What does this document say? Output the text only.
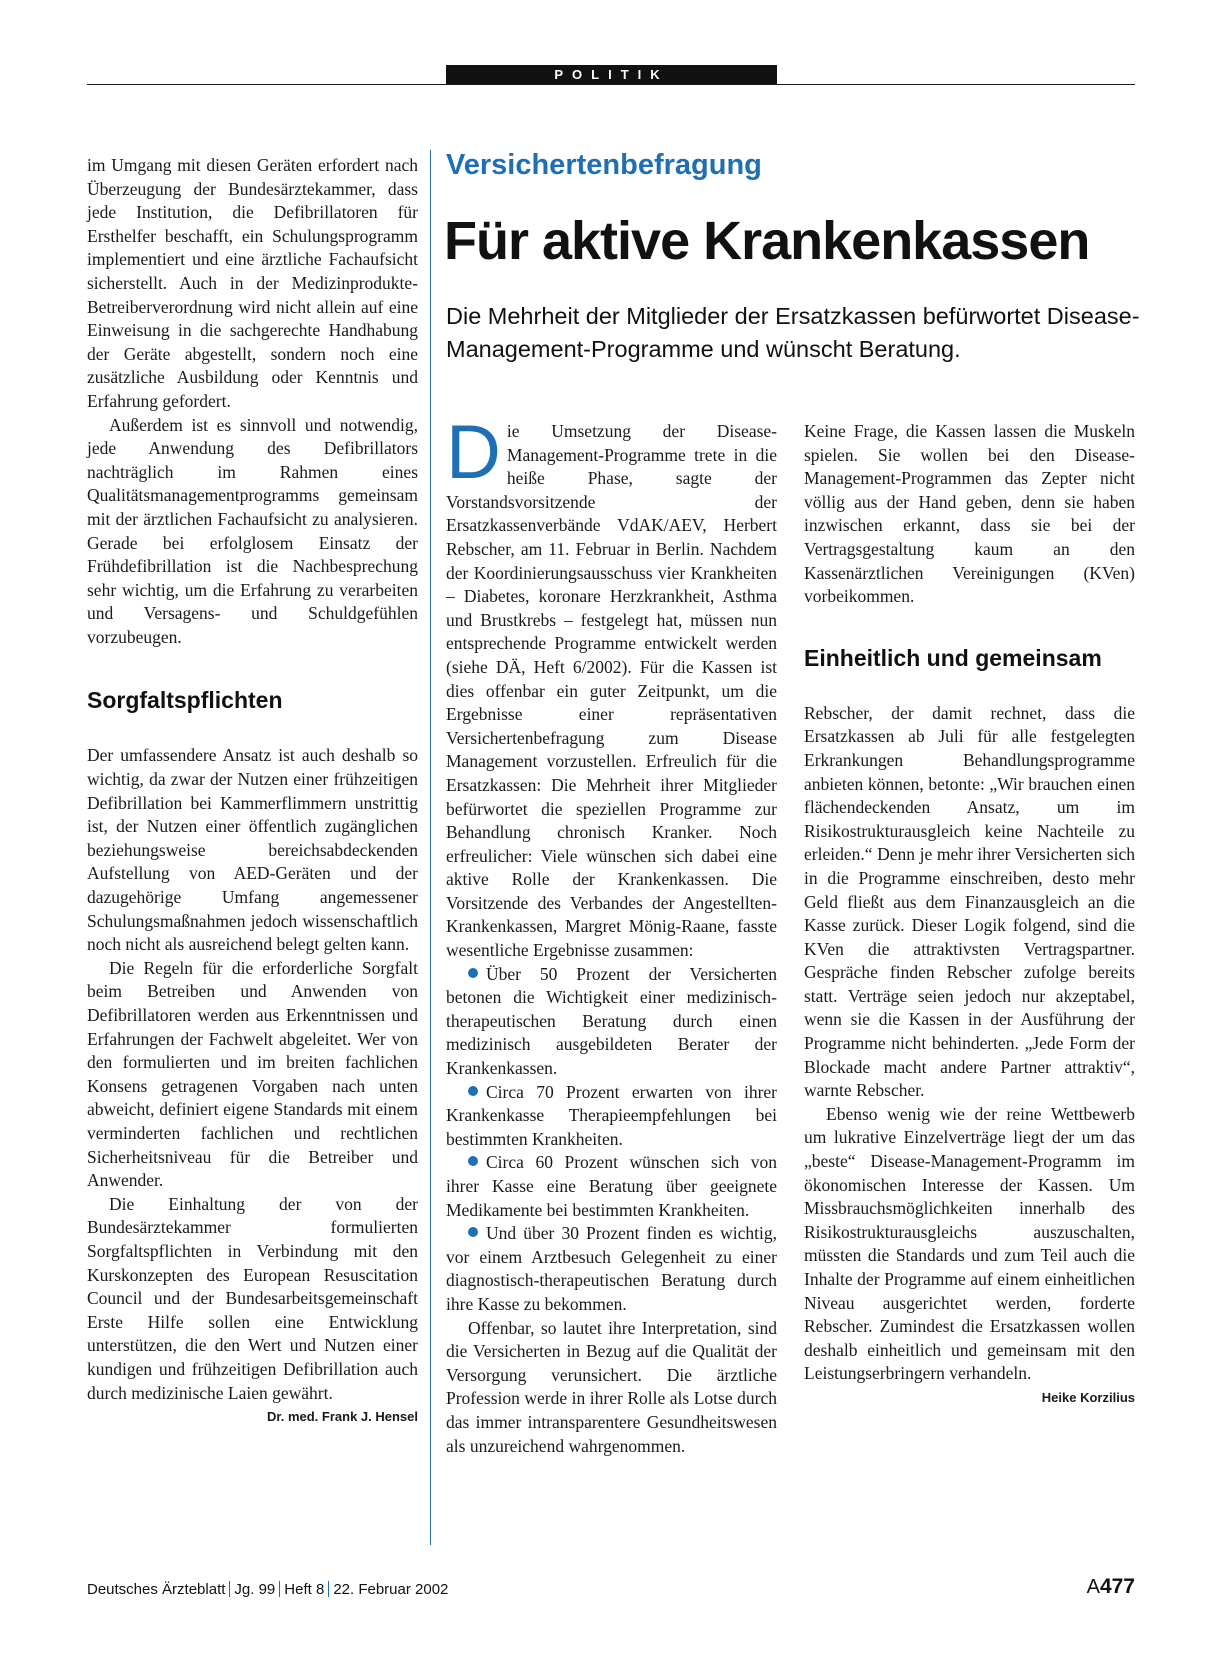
POLITIK

im Umgang mit diesen Geräten erfordert nach Überzeugung der Bundesärztekammer, dass jede Institution, die Defibrillatoren für Ersthelfer beschafft, ein Schulungsprogramm implementiert und eine ärztliche Fachaufsicht sicherstellt. Auch in der Medizinprodukte-Betreiberverordnung wird nicht allein auf eine Einweisung in die sachgerechte Handhabung der Geräte abgestellt, sondern noch eine zusätzliche Ausbildung oder Kenntnis und Erfahrung gefordert.

Außerdem ist es sinnvoll und notwendig, jede Anwendung des Defibrillators nachträglich im Rahmen eines Qualitätsmanagementprogramms gemeinsam mit der ärztlichen Fachaufsicht zu analysieren. Gerade bei erfolglosem Einsatz der Frühdefibrillation ist die Nachbesprechung sehr wichtig, um die Erfahrung zu verarbeiten und Versagens- und Schuldgefühlen vorzubeugen.

Sorgfaltspflichten

Der umfassendere Ansatz ist auch deshalb so wichtig, da zwar der Nutzen einer frühzeitigen Defibrillation bei Kammerflimmern unstrittig ist, der Nutzen einer öffentlich zugänglichen beziehungsweise bereichsabdeckenden Aufstellung von AED-Geräten und der dazugehörige Umfang angemessener Schulungsmaßnahmen jedoch wissenschaftlich noch nicht als ausreichend belegt gelten kann.

Die Regeln für die erforderliche Sorgfalt beim Betreiben und Anwenden von Defibrillatoren werden aus Erkenntnissen und Erfahrungen der Fachwelt abgeleitet. Wer von den formulierten und im breiten fachlichen Konsens getragenen Vorgaben nach unten abweicht, definiert eigene Standards mit einem verminderten fachlichen und rechtlichen Sicherheitsniveau für die Betreiber und Anwender.

Die Einhaltung der von der Bundesärztekammer formulierten Sorgfaltspflichten in Verbindung mit den Kurskonzepten des European Resuscitation Council und der Bundesarbeitsgemeinschaft Erste Hilfe sollen eine Entwicklung unterstützen, die den Wert und Nutzen einer kundigen und frühzeitigen Defibrillation auch durch medizinische Laien gewährt.
Dr. med. Frank J. Hensel

Versichertenbefragung
Für aktive Krankenkassen

Die Mehrheit der Mitglieder der Ersatzkassen befürwortet Disease-Management-Programme und wünscht Beratung.

Die Umsetzung der Disease-Management-Programme trete in die heiße Phase, sagte der Vorstandsvorsitzende der Ersatzkassenverbände VdAK/AEV, Herbert Rebscher, am 11. Februar in Berlin. Nachdem der Koordinierungsausschuss vier Krankheiten – Diabetes, koronare Herzkrankheit, Asthma und Brustkrebs – festgelegt hat, müssen nun entsprechende Programme entwickelt werden (siehe DÄ, Heft 6/2002). Für die Kassen ist dies offenbar ein guter Zeitpunkt, um die Ergebnisse einer repräsentativen Versichertenbefragung zum Disease Management vorzustellen. Erfreulich für die Ersatzkassen: Die Mehrheit ihrer Mitglieder befürwortet die speziellen Programme zur Behandlung chronisch Kranker. Noch erfreulicher: Viele wünschen sich dabei eine aktive Rolle der Krankenkassen. Die Vorsitzende des Verbandes der Angestellten-Krankenkassen, Margret Mönig-Raane, fasste wesentliche Ergebnisse zusammen:

Über 50 Prozent der Versicherten betonen die Wichtigkeit einer medizinisch-therapeutischen Beratung durch einen medizinisch ausgebildeten Berater der Krankenkassen.
Circa 70 Prozent erwarten von ihrer Krankenkasse Therapieempfehlungen bei bestimmten Krankheiten.
Circa 60 Prozent wünschen sich von ihrer Kasse eine Beratung über geeignete Medikamente bei bestimmten Krankheiten.
Und über 30 Prozent finden es wichtig, vor einem Arztbesuch Gelegenheit zu einer diagnostisch-therapeutischen Beratung durch ihre Kasse zu bekommen.

Offenbar, so lautet ihre Interpretation, sind die Versicherten in Bezug auf die Qualität der Versorgung verunsichert. Die ärztliche Profession werde in ihrer Rolle als Lotse durch das immer intransparentere Gesundheitswesen als unzureichend wahrgenommen.

Keine Frage, die Kassen lassen die Muskeln spielen. Sie wollen bei den Disease-Management-Programmen das Zepter nicht völlig aus der Hand geben, denn sie haben inzwischen erkannt, dass sie bei der Vertragsgestaltung kaum an den Kassenärztlichen Vereinigungen (KVen) vorbeikommen.

Einheitlich und gemeinsam

Rebscher, der damit rechnet, dass die Ersatzkassen ab Juli für alle festgelegten Erkrankungen Behandlungsprogramme anbieten können, betonte: „Wir brauchen einen flächendeckenden Ansatz, um im Risikostrukturausgleich keine Nachteile zu erleiden.“ Denn je mehr ihrer Versicherten sich in die Programme einschreiben, desto mehr Geld fließt aus dem Finanzausgleich an die Kasse zurück. Dieser Logik folgend, sind die KVen die attraktivsten Vertragspartner. Gespräche finden Rebscher zufolge bereits statt. Verträge seien jedoch nur akzeptabel, wenn sie die Kassen in der Ausführung der Programme nicht behinderten. „Jede Form der Blockade macht andere Partner attraktiv“, warnte Rebscher.

Ebenso wenig wie der reine Wettbewerb um lukrative Einzelverträge liegt der um das „beste“ Disease-Management-Programm im ökonomischen Interesse der Kassen. Um Missbrauchsmöglichkeiten innerhalb des Risikostrukturausgleichs auszuschalten, müssten die Standards und zum Teil auch die Inhalte der Programme auf einem einheitlichen Niveau ausgerichtet werden, forderte Rebscher. Zumindest die Ersatzkassen wollen deshalb einheitlich und gemeinsam mit den Leistungserbringern verhandeln.
Heike Korzilius

Deutsches Ärzteblatt Jg. 99 Heft 8 22. Februar 2002	A477
